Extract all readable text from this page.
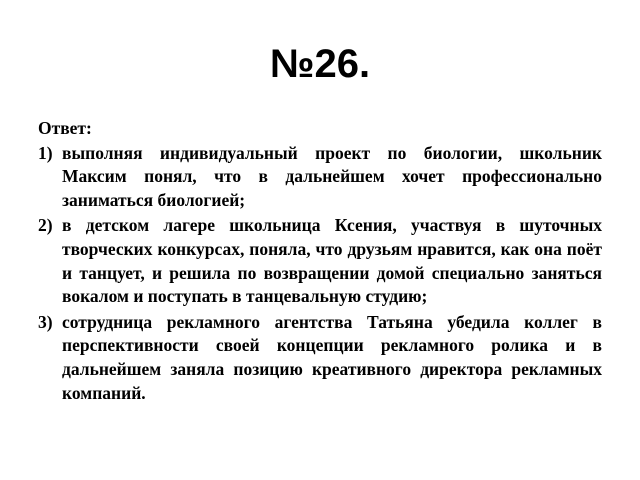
№26.
Ответ:
1) выполняя индивидуальный проект по биологии, школьник Максим понял, что в дальнейшем хочет профессионально заниматься биологией;
2) в детском лагере школьница Ксения, участвуя в шуточных творческих конкурсах, поняла, что друзьям нравится, как она поёт и танцует, и решила по возвращении домой специально заняться вокалом и поступать в танцевальную студию;
3) сотрудница рекламного агентства Татьяна убедила коллег в перспективности своей концепции рекламного ролика и в дальнейшем заняла позицию креативного директора рекламных компаний.
